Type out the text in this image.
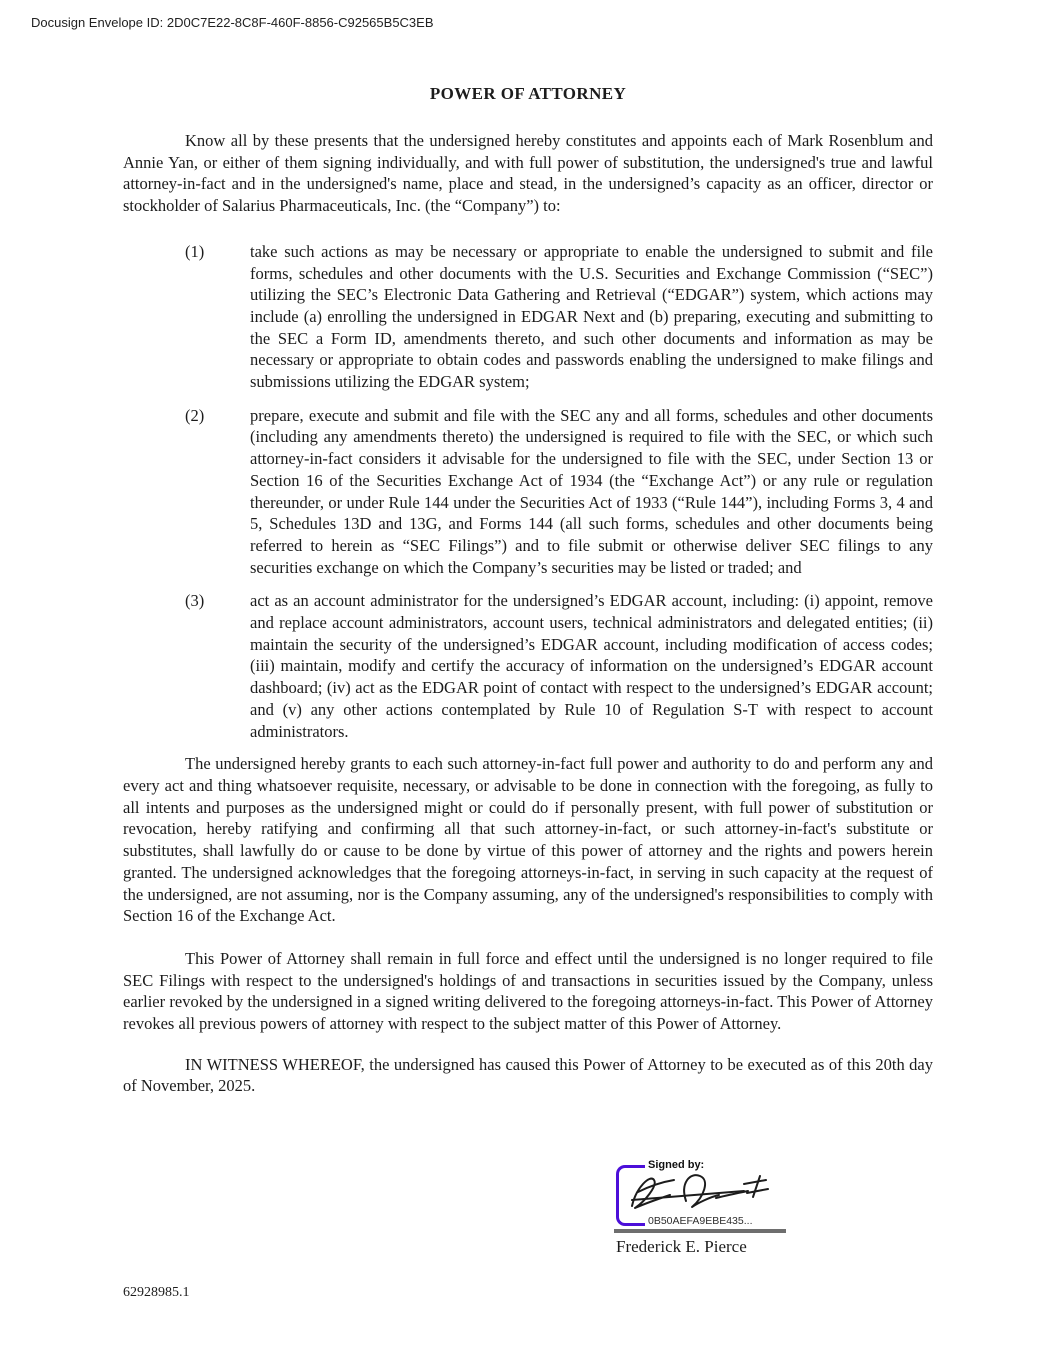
Docusign Envelope ID: 2D0C7E22-8C8F-460F-8856-C92565B5C3EB
POWER OF ATTORNEY

Know all by these presents that the undersigned hereby constitutes and appoints each of Mark Rosenblum and Annie Yan, or either of them signing individually, and with full power of substitution, the undersigned's true and lawful attorney-in-fact and in the undersigned's name, place and stead, in the undersigned’s capacity as an officer, director or stockholder of Salarius Pharmaceuticals, Inc. (the “Company”) to:

(1)	take such actions as may be necessary or appropriate to enable the undersigned to submit and file forms, schedules and other documents with the U.S. Securities and Exchange Commission (“SEC”) utilizing the SEC’s Electronic Data Gathering and Retrieval (“EDGAR”) system, which actions may include (a) enrolling the undersigned in EDGAR Next and (b) preparing, executing and submitting to the SEC a Form ID, amendments thereto, and such other documents and information as may be necessary or appropriate to obtain codes and passwords enabling the undersigned to make filings and submissions utilizing the EDGAR system;
(2)	prepare, execute and submit and file with the SEC any and all forms, schedules and other documents (including any amendments thereto) the undersigned is required to file with the SEC, or which such attorney-in-fact considers it advisable for the undersigned to file with the SEC, under Section 13 or Section 16 of the Securities Exchange Act of 1934 (the “Exchange Act”) or any rule or regulation thereunder, or under Rule 144 under the Securities Act of 1933 (“Rule 144”), including Forms 3, 4 and 5, Schedules 13D and 13G, and Forms 144 (all such forms, schedules and other documents being referred to herein as “SEC Filings”) and to file submit or otherwise deliver SEC filings to any securities exchange on which the Company’s securities may be listed or traded; and
(3)	act as an account administrator for the undersigned’s EDGAR account, including: (i) appoint, remove and replace account administrators, account users, technical administrators and delegated entities; (ii) maintain the security of the undersigned’s EDGAR account, including modification of access codes; (iii) maintain, modify and certify the accuracy of information on the undersigned’s EDGAR account dashboard; (iv) act as the EDGAR point of contact with respect to the undersigned’s EDGAR account; and (v) any other actions contemplated by Rule 10 of Regulation S-T with respect to account administrators.

The undersigned hereby grants to each such attorney-in-fact full power and authority to do and perform any and every act and thing whatsoever requisite, necessary, or advisable to be done in connection with the foregoing, as fully to all intents and purposes as the undersigned might or could do if personally present, with full power of substitution or revocation, hereby ratifying and confirming all that such attorney-in-fact, or such attorney-in-fact's substitute or substitutes, shall lawfully do or cause to be done by virtue of this power of attorney and the rights and powers herein granted. The undersigned acknowledges that the foregoing attorneys-in-fact, in serving in such capacity at the request of the undersigned, are not assuming, nor is the Company assuming, any of the undersigned's responsibilities to comply with Section 16 of the Exchange Act.

This Power of Attorney shall remain in full force and effect until the undersigned is no longer required to file SEC Filings with respect to the undersigned's holdings of and transactions in securities issued by the Company, unless earlier revoked by the undersigned in a signed writing delivered to the foregoing attorneys-in-fact. This Power of Attorney revokes all previous powers of attorney with respect to the subject matter of this Power of Attorney.

IN WITNESS WHEREOF, the undersigned has caused this Power of Attorney to be executed as of this 20th day of November, 2025.

Signed by:
0B50AEFA9EBE435...
Frederick E. Pierce
62928985.1
